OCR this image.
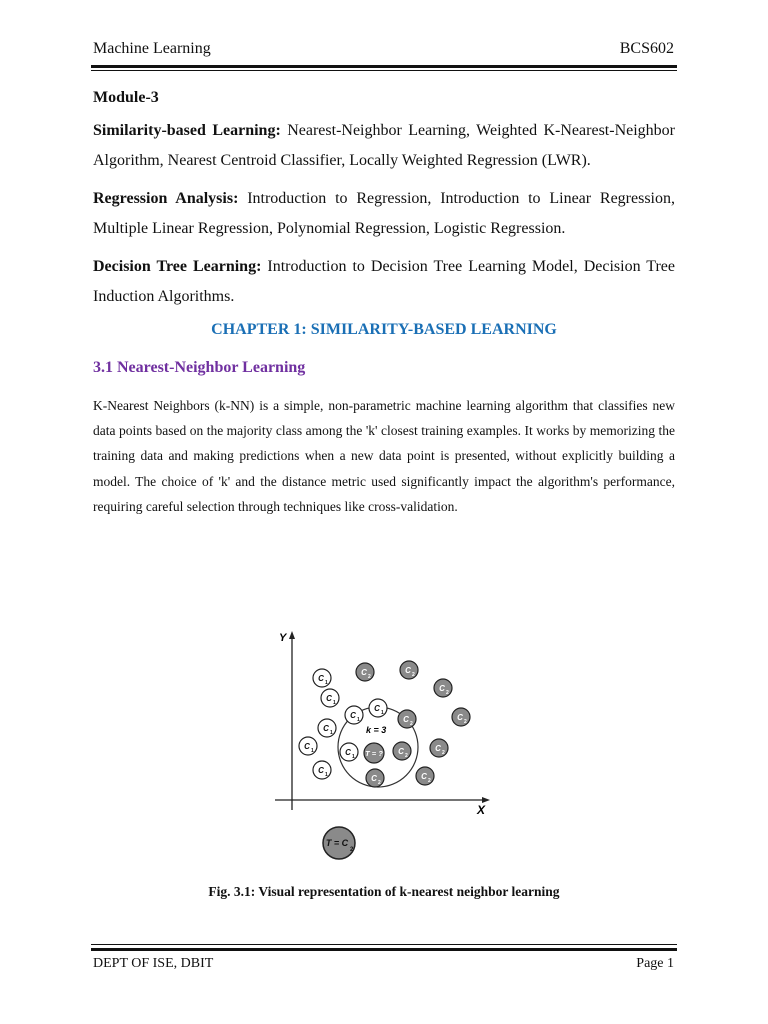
Machine Learning	BCS602
Module-3

Similarity-based Learning: Nearest-Neighbor Learning, Weighted K-Nearest-Neighbor Algorithm, Nearest Centroid Classifier, Locally Weighted Regression (LWR).

Regression Analysis: Introduction to Regression, Introduction to Linear Regression, Multiple Linear Regression, Polynomial Regression, Logistic Regression.

Decision Tree Learning: Introduction to Decision Tree Learning Model, Decision Tree Induction Algorithms.

CHAPTER 1: SIMILARITY-BASED LEARNING
3.1 Nearest-Neighbor Learning

K-Nearest Neighbors (k-NN) is a simple, non-parametric machine learning algorithm that classifies new data points based on the majority class among the 'k' closest training examples. It works by memorizing the training data and making predictions when a new data point is presented, without explicitly building a model. The choice of 'k' and the distance metric used significantly impact the algorithm's performance, requiring careful selection through techniques like cross-validation.

Y
X
k = 3
C 1
C 2
C 2
C 1
C 2
C 1
C 1
C 2
C 2
C 1
C 1	C 1
C 2
C 2
C 1	C 2
C 2
T = ?
T = C
2
Fig. 3.1: Visual representation of k-nearest neighbor learning
DEPT OF ISE, DBIT	Page 1
